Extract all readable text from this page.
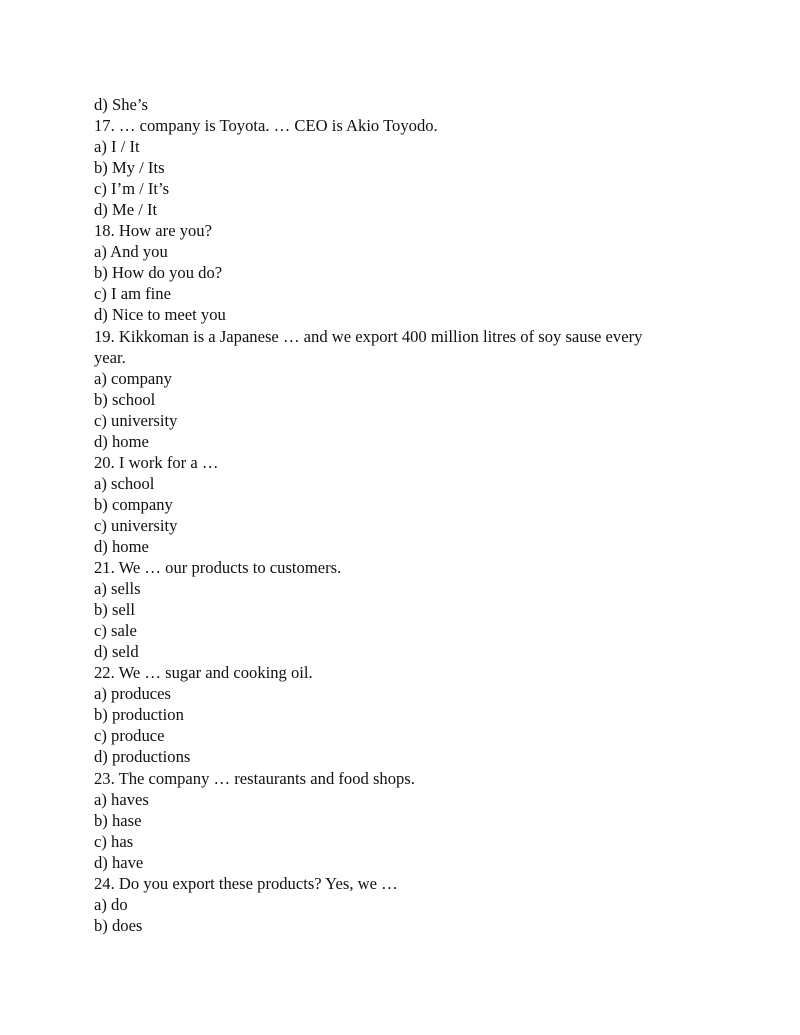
d) She’s
17. … company is Toyota. … CEO is Akio Toyodo.
a) I / It
b) My / Its
c) I’m / It’s
d) Me / It
18. How are you?
a) And you
b) How do you do?
c) I am fine
d) Nice to meet you
19. Kikkoman is a Japanese … and we export 400 million litres of soy sause every
year.
a) company
b) school
c) university
d) home
20. I work for a …
a) school
b) company
c) university
d) home
21. We … our products to customers.
a) sells
b) sell
c) sale
d) seld
22. We … sugar and cooking oil.
a) produces
b) production
c) produce
d) productions
23. The company … restaurants and food shops.
a) haves
b) hase
c) has
d) have
24. Do you export these products? Yes, we …
a) do
b) does
